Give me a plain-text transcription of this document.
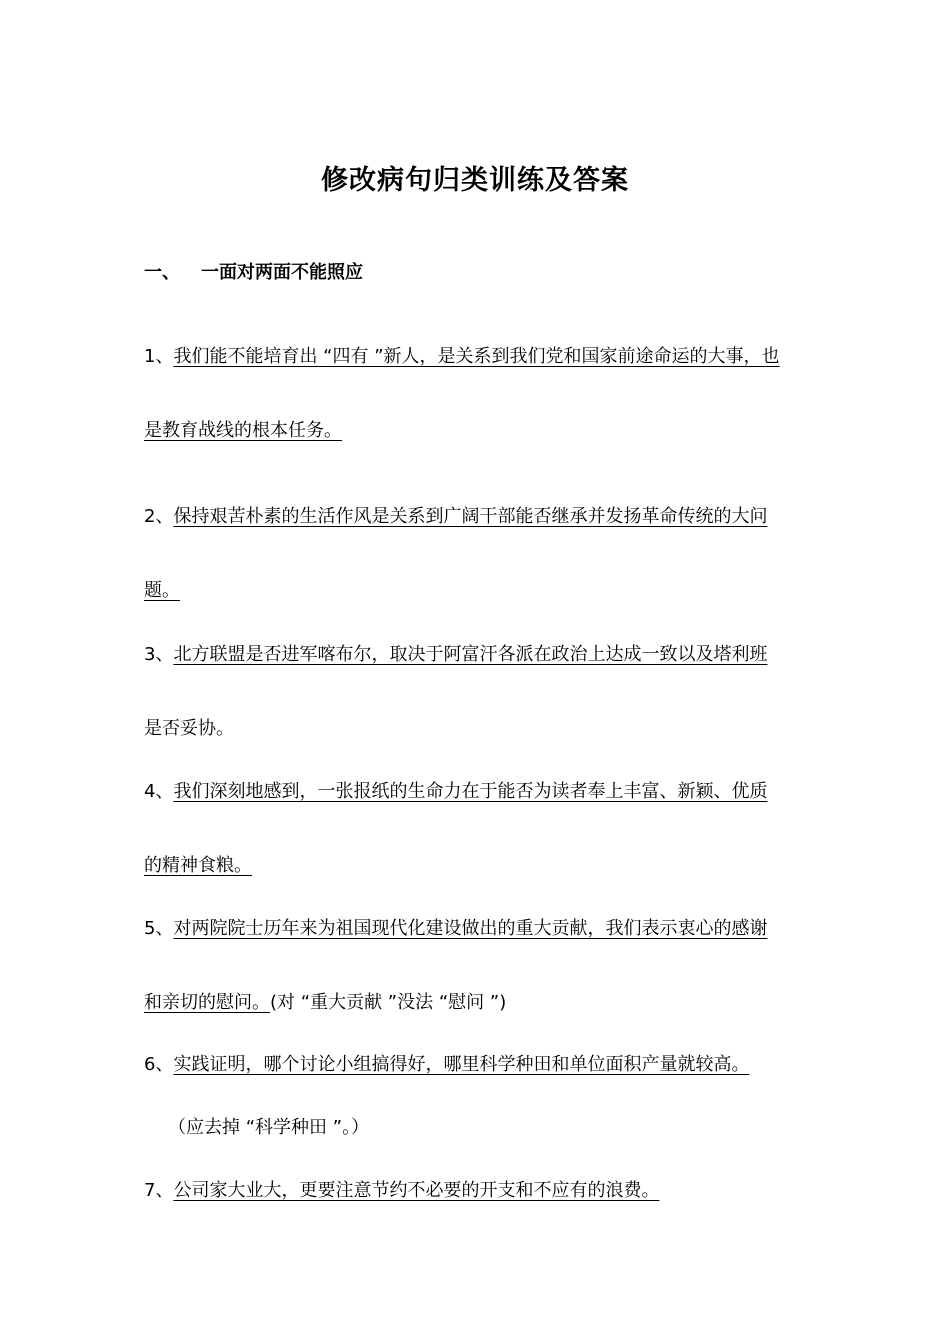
修改病句归类训练及答案
一、 一面对两面不能照应
1、我们能不能培育出 “四有 ”新人，是关系到我们党和国家前途命运的大事，也
是教育战线的根本任务。
2、保持艰苦朴素的生活作风是关系到广阔干部能否继承并发扬革命传统的大问
题。
3、北方联盟是否进军喀布尔，取决于阿富汗各派在政治上达成一致以及塔利班
是否妥协。
4、我们深刻地感到，一张报纸的生命力在于能否为读者奉上丰富、新颖、优质
的精神食粮。
5、对两院院士历年来为祖国现代化建设做出的重大贡献，我们表示衷心的感谢
和亲切的慰问。(对 “重大贡献 ”没法 “慰问 ”)
6、实践证明，哪个讨论小组搞得好，哪里科学种田和单位面积产量就较高。
（应去掉 “科学种田 ”。）
7、公司家大业大，更要注意节约不必要的开支和不应有的浪费。
